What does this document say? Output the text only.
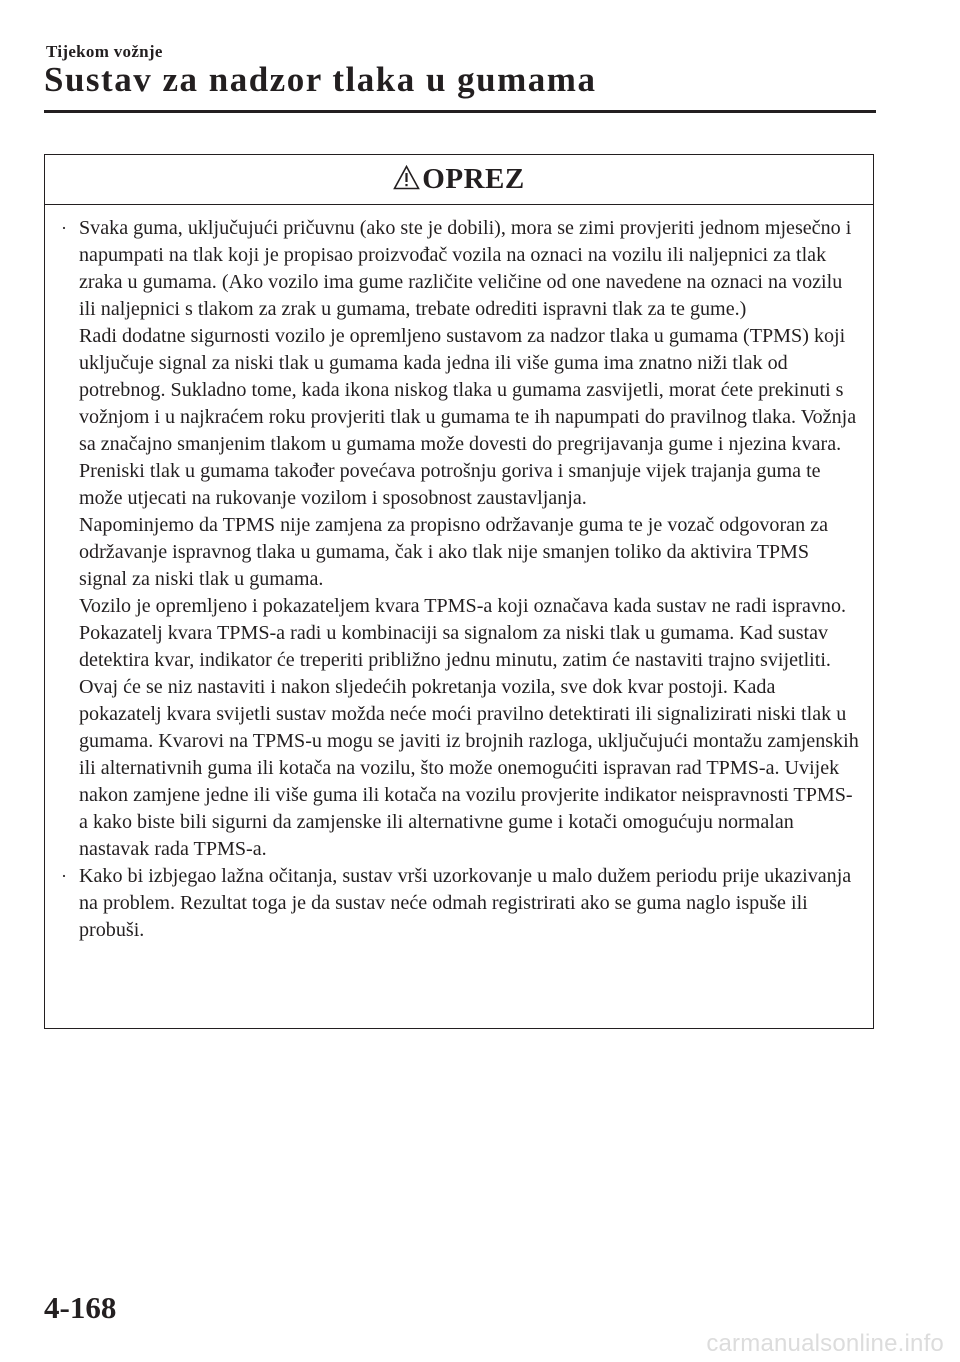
Tijekom vožnje
Sustav za nadzor tlaka u gumama
OPREZ
· Svaka guma, uključujući pričuvnu (ako ste je dobili), mora se zimi provjeriti jednom mjesečno i napumpati na tlak koji je propisao proizvođač vozila na oznaci na vozilu ili naljepnici za tlak zraka u gumama. (Ako vozilo ima gume različite veličine od one navedene na oznaci na vozilu ili naljepnici s tlakom za zrak u gumama, trebate odrediti ispravni tlak za te gume.)

Radi dodatne sigurnosti vozilo je opremljeno sustavom za nadzor tlaka u gumama (TPMS) koji uključuje signal za niski tlak u gumama kada jedna ili više guma ima znatno niži tlak od potrebnog. Sukladno tome, kada ikona niskog tlaka u gumama zasvijetli, morat ćete prekinuti s vožnjom i u najkraćem roku provjeriti tlak u gumama te ih napumpati do pravilnog tlaka. Vožnja sa značajno smanjenim tlakom u gumama može dovesti do pregrijavanja gume i njezina kvara. Preniski tlak u gumama također povećava potrošnju goriva i smanjuje vijek trajanja guma te može utjecati na rukovanje vozilom i sposobnost zaustavljanja.

Napominjemo da TPMS nije zamjena za propisno održavanje guma te je vozač odgovoran za održavanje ispravnog tlaka u gumama, čak i ako tlak nije smanjen toliko da aktivira TPMS signal za niski tlak u gumama.

Vozilo je opremljeno i pokazateljem kvara TPMS-a koji označava kada sustav ne radi ispravno.

Pokazatelj kvara TPMS-a radi u kombinaciji sa signalom za niski tlak u gumama. Kad sustav detektira kvar, indikator će treperiti približno jednu minutu, zatim će nastaviti trajno svijetliti. Ovaj će se niz nastaviti i nakon sljedećih pokretanja vozila, sve dok kvar postoji. Kada pokazatelj kvara svijetli sustav možda neće moći pravilno detektirati ili signalizirati niski tlak u gumama. Kvarovi na TPMS-u mogu se javiti iz brojnih razloga, uključujući montažu zamjenskih ili alternativnih guma ili kotača na vozilu, što može onemogućiti ispravan rad TPMS-a. Uvijek nakon zamjene jedne ili više guma ili kotača na vozilu provjerite indikator neispravnosti TPMS-a kako biste bili sigurni da zamjenske ili alternativne gume i kotači omogućuju normalan nastavak rada TPMS-a.

· Kako bi izbjegao lažna očitanja, sustav vrši uzorkovanje u malo dužem periodu prije ukazivanja na problem. Rezultat toga je da sustav neće odmah registrirati ako se guma naglo ispuše ili probuši.

4-168
carmanualsonline.info
